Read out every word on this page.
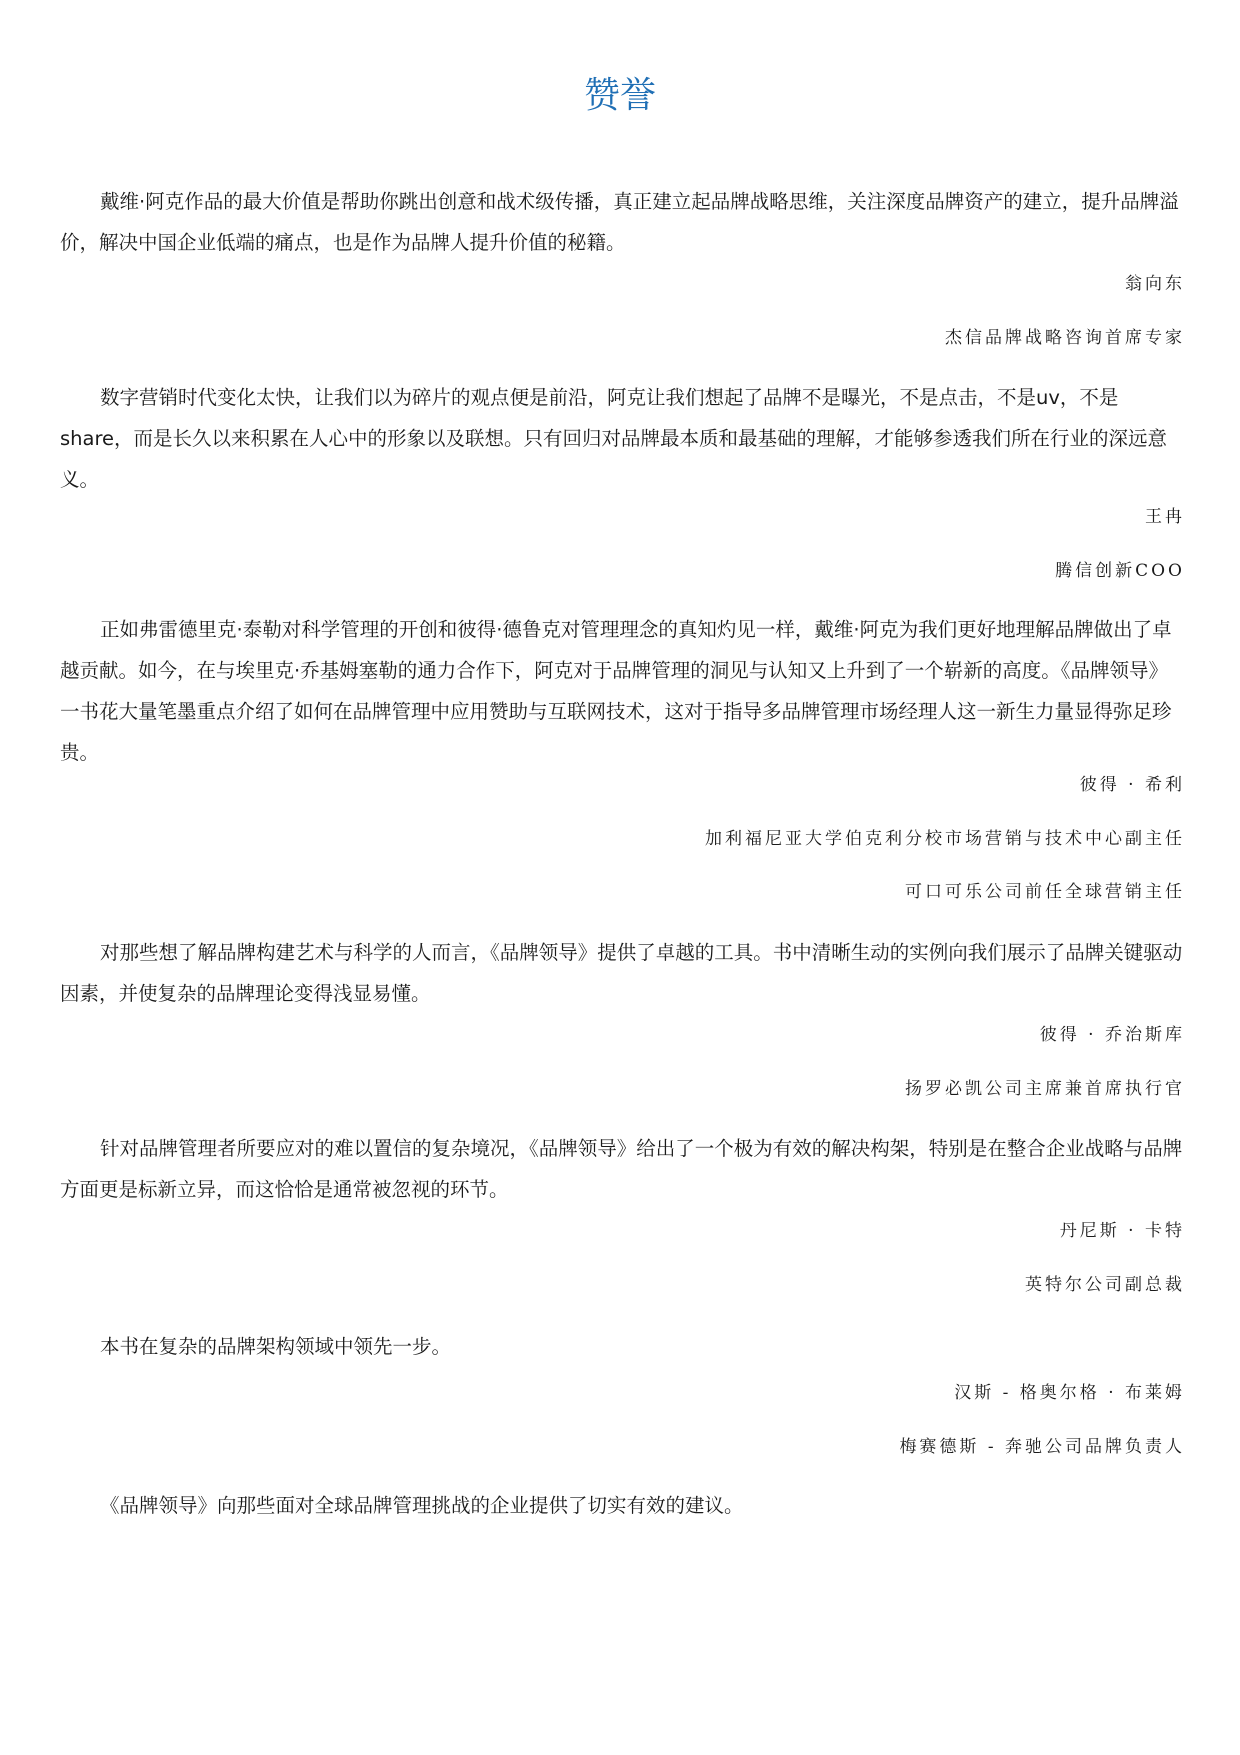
赞誉

戴维·阿克作品的最大价值是帮助你跳出创意和战术级传播，真正建立起品牌战略思维，关注深度品牌资产的建立，提升品牌溢价，解决中国企业低端的痛点，也是作为品牌人提升价值的秘籍。

翁向东

杰信品牌战略咨询首席专家

数字营销时代变化太快，让我们以为碎片的观点便是前沿，阿克让我们想起了品牌不是曝光，不是点击，不是uv，不是share，而是长久以来积累在人心中的形象以及联想。只有回归对品牌最本质和最基础的理解，才能够参透我们所在行业的深远意义。

王冉

腾信创新COO

正如弗雷德里克·泰勒对科学管理的开创和彼得·德鲁克对管理理念的真知灼见一样，戴维·阿克为我们更好地理解品牌做出了卓越贡献。如今，在与埃里克·乔基姆塞勒的通力合作下，阿克对于品牌管理的洞见与认知又上升到了一个崭新的高度。《品牌领导》一书花大量笔墨重点介绍了如何在品牌管理中应用赞助与互联网技术，这对于指导多品牌管理市场经理人这一新生力量显得弥足珍贵。

彼得 · 希利

加利福尼亚大学伯克利分校市场营销与技术中心副主任

可口可乐公司前任全球营销主任

对那些想了解品牌构建艺术与科学的人而言，《品牌领导》提供了卓越的工具。书中清晰生动的实例向我们展示了品牌关键驱动因素，并使复杂的品牌理论变得浅显易懂。

彼得 · 乔治斯库

扬罗必凯公司主席兼首席执行官

针对品牌管理者所要应对的难以置信的复杂境况，《品牌领导》给出了一个极为有效的解决构架，特别是在整合企业战略与品牌方面更是标新立异，而这恰恰是通常被忽视的环节。

丹尼斯 · 卡特

英特尔公司副总裁

本书在复杂的品牌架构领域中领先一步。

汉斯 - 格奥尔格 · 布莱姆

梅赛德斯 - 奔驰公司品牌负责人

《品牌领导》向那些面对全球品牌管理挑战的企业提供了切实有效的建议。
